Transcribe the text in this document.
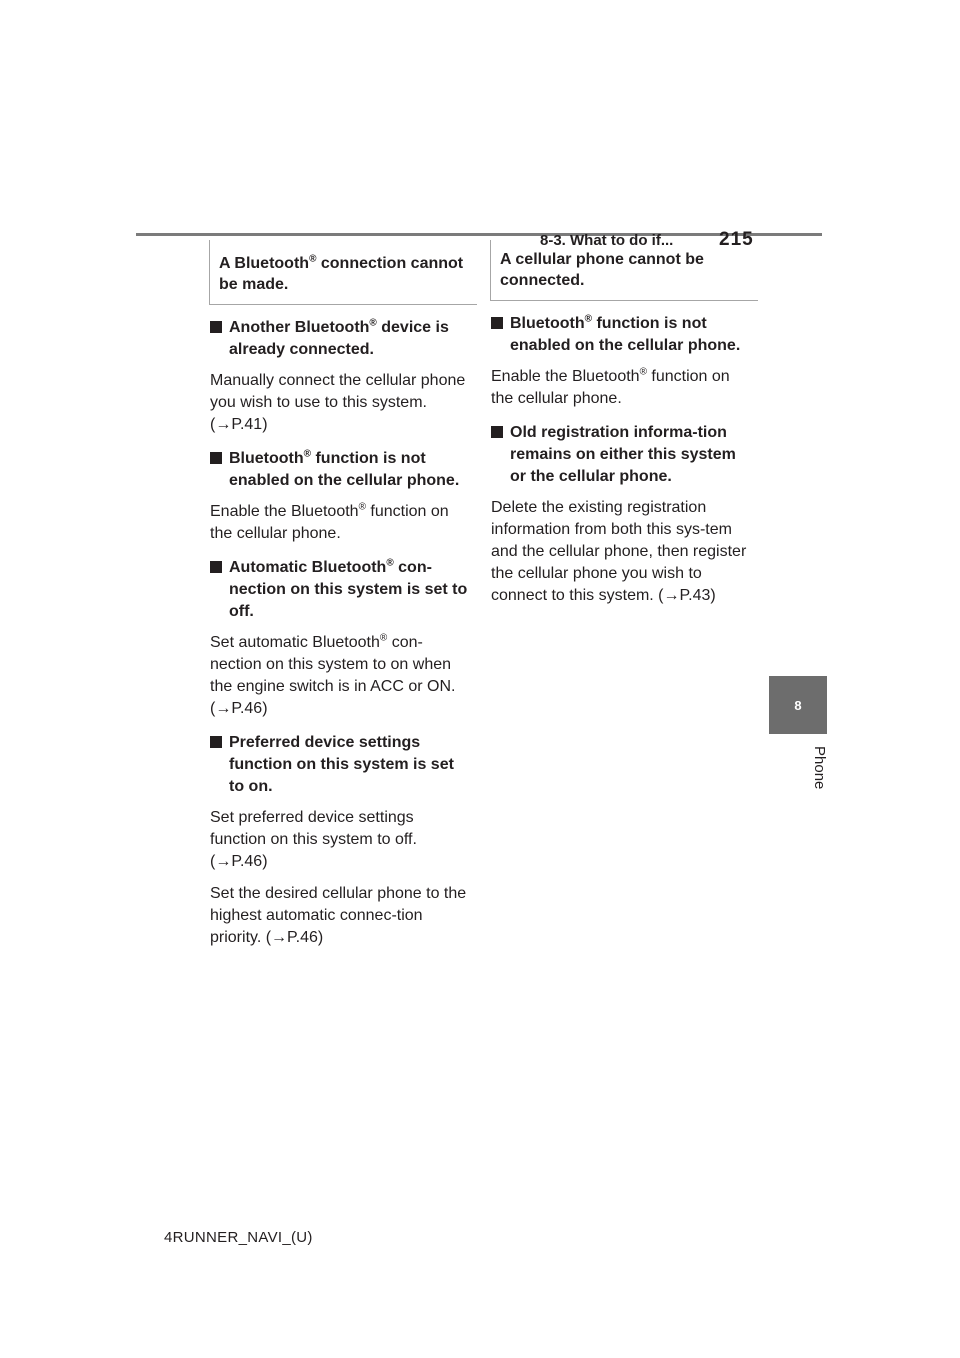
8-3. What to do if... 215
8
Phone
A Bluetooth® connection cannot be made.
Another Bluetooth® device is already connected.

Manually connect the cellular phone you wish to use to this system. (→P.41)

Bluetooth® function is not enabled on the cellular phone.

Enable the Bluetooth® function on the cellular phone.

Automatic Bluetooth® con-nection on this system is set to off.

Set automatic Bluetooth® con-nection on this system to on when the engine switch is in ACC or ON. (→P.46)

Preferred device settings function on this system is set to on.

Set preferred device settings function on this system to off. (→P.46)

Set the desired cellular phone to the highest automatic connec-tion priority. (→P.46)

A cellular phone cannot be connected.
Bluetooth® function is not enabled on the cellular phone.

Enable the Bluetooth® function on the cellular phone.

Old registration informa-tion remains on either this system or the cellular phone.

Delete the existing registration information from both this sys-tem and the cellular phone, then register the cellular phone you wish to connect to this system. (→P.43)

4RUNNER_NAVI_(U)
